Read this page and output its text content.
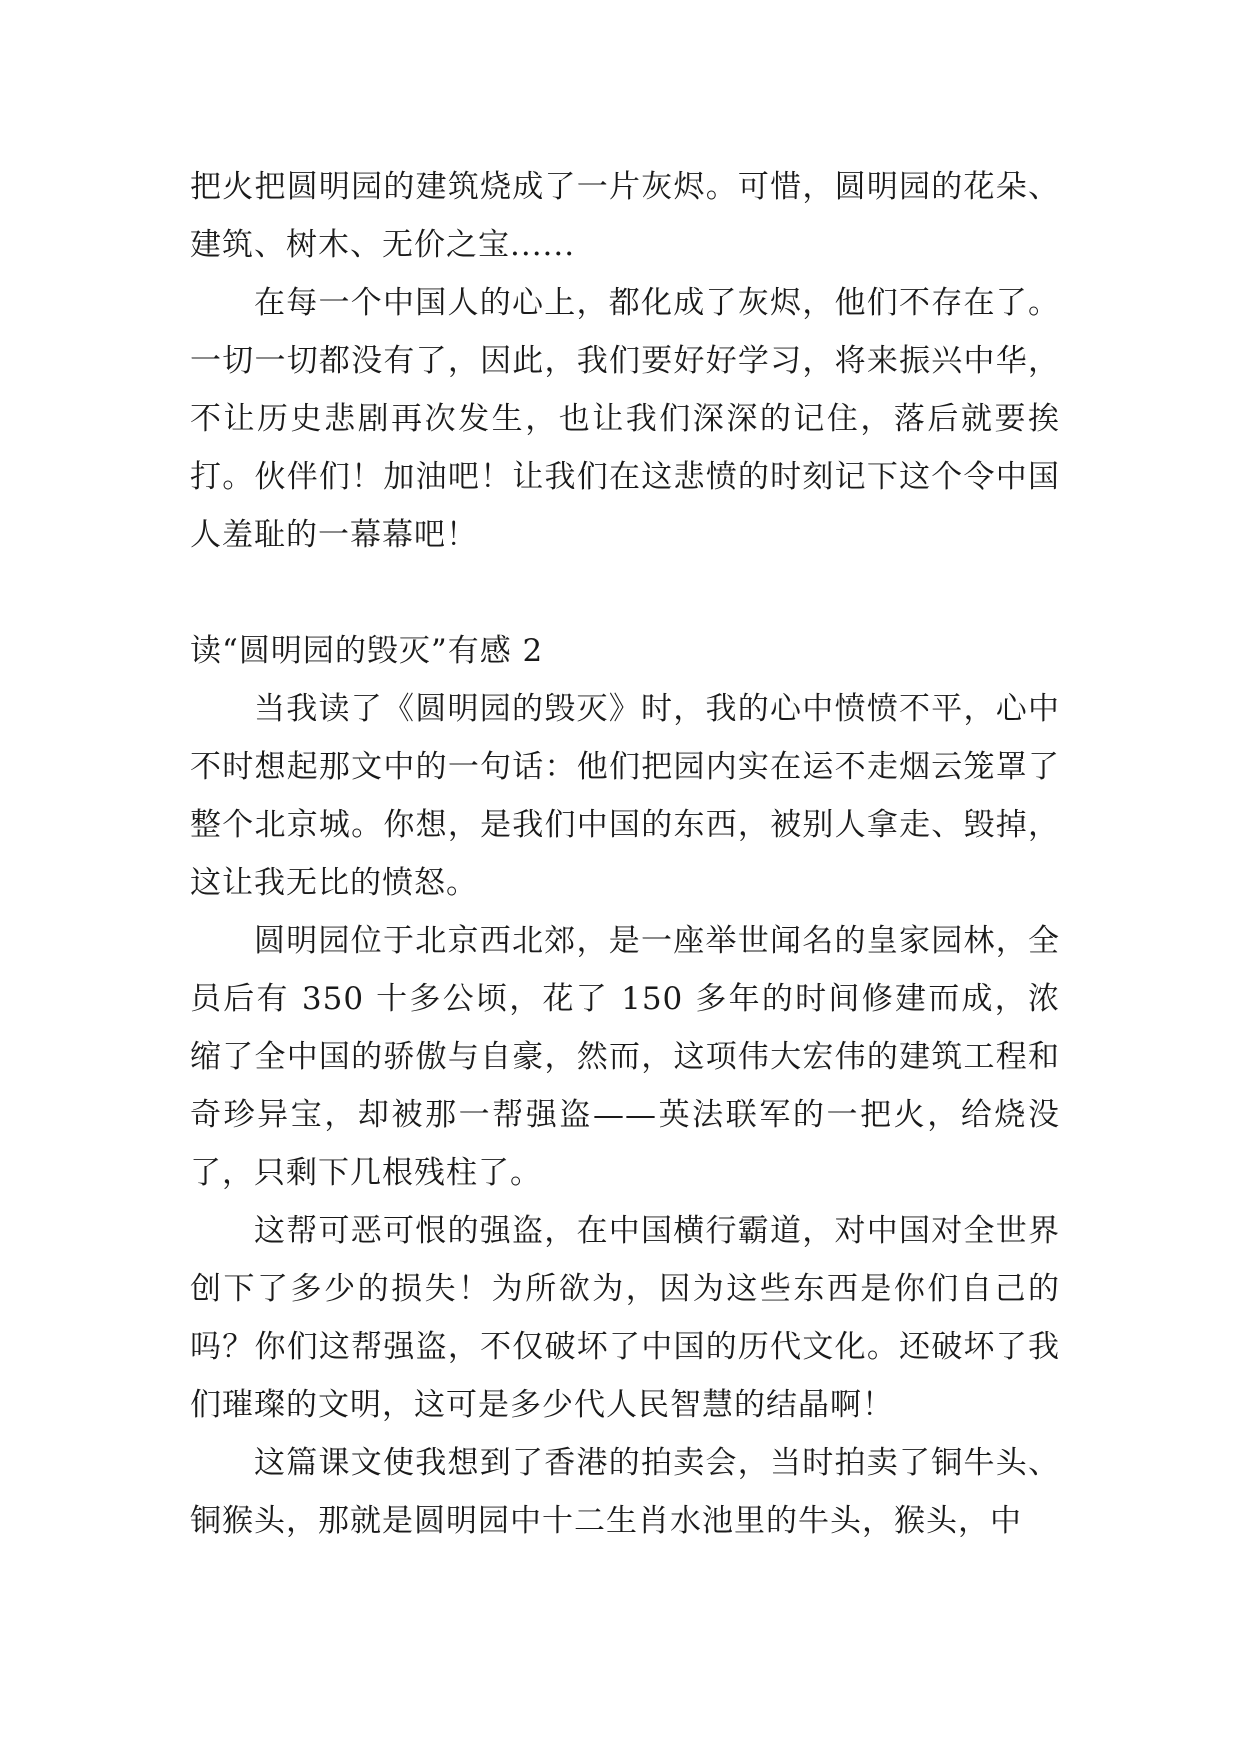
把火把圆明园的建筑烧成了一片灰烬。可惜，圆明园的花朵、建筑、树木、无价之宝......

在每一个中国人的心上，都化成了灰烬，他们不存在了。一切一切都没有了，因此，我们要好好学习，将来振兴中华，不让历史悲剧再次发生，也让我们深深的记住，落后就要挨打。伙伴们！加油吧！让我们在这悲愤的时刻记下这个令中国人羞耻的一幕幕吧！

读“圆明园的毁灭”有感 2

当我读了《圆明园的毁灭》时，我的心中愤愤不平，心中不时想起那文中的一句话：他们把园内实在运不走烟云笼罩了整个北京城。你想，是我们中国的东西，被别人拿走、毁掉，这让我无比的愤怒。

圆明园位于北京西北郊，是一座举世闻名的皇家园林，全员后有 350 十多公顷，花了 150 多年的时间修建而成，浓缩了全中国的骄傲与自豪，然而，这项伟大宏伟的建筑工程和奇珍异宝，却被那一帮强盗——英法联军的一把火，给烧没了，只剩下几根残柱了。

这帮可恶可恨的强盗，在中国横行霸道，对中国对全世界创下了多少的损失！为所欲为，因为这些东西是你们自己的吗？你们这帮强盗，不仅破坏了中国的历代文化。还破坏了我们璀璨的文明，这可是多少代人民智慧的结晶啊！

这篇课文使我想到了香港的拍卖会，当时拍卖了铜牛头、铜猴头，那就是圆明园中十二生肖水池里的牛头，猴头，中
